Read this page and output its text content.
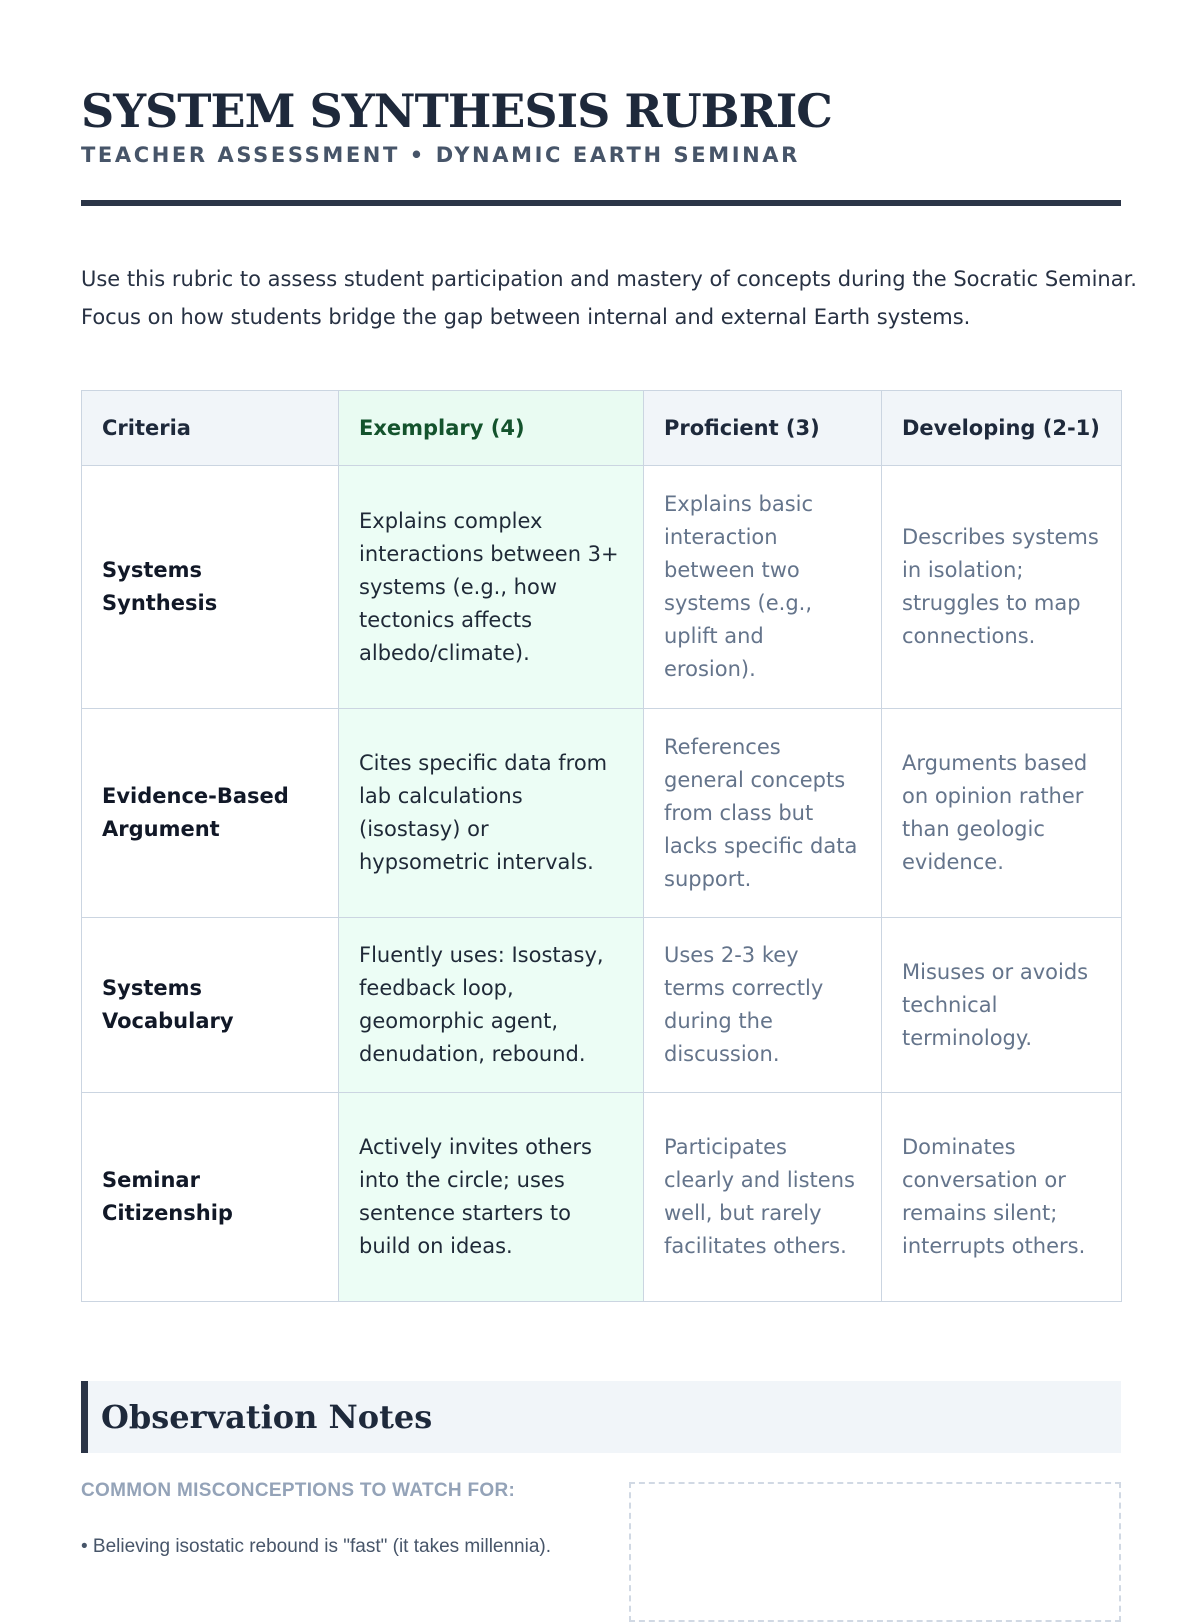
SYSTEM SYNTHESIS RUBRIC
TEACHER ASSESSMENT • DYNAMIC EARTH SEMINAR

Use this rubric to assess student participation and mastery of concepts during the Socratic Seminar. Focus on how students bridge the gap between internal and external Earth systems.

Criteria	Exemplary (4)	Proficient (3)	Developing (2-1)
Systems Synthesis	Explains complex interactions between 3+ systems (e.g., how tectonics affects albedo/climate).	Explains basic interaction between two systems (e.g., uplift and erosion).	Describes systems in isolation; struggles to map connections.
Evidence-Based Argument	Cites specific data from lab calculations (isostasy) or hypsometric intervals.	References general concepts from class but lacks specific data support.	Arguments based on opinion rather than geologic evidence.
Systems Vocabulary	Fluently uses: Isostasy, feedback loop, geomorphic agent, denudation, rebound.	Uses 2-3 key terms correctly during the discussion.	Misuses or avoids technical terminology.
Seminar Citizenship	Actively invites others into the circle; uses sentence starters to build on ideas.	Participates clearly and listens well, but rarely facilitates others.	Dominates conversation or remains silent; interrupts others.
Observation Notes
COMMON MISCONCEPTIONS TO WATCH FOR:
• Believing isostatic rebound is "fast" (it takes millennia).
